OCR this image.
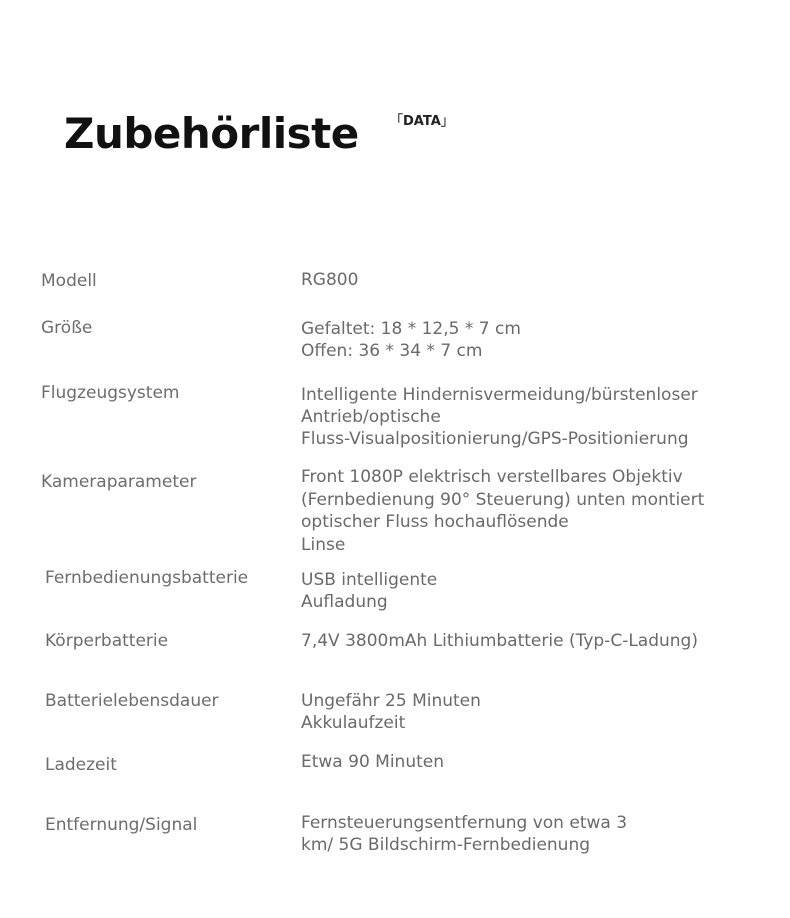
Zubehörliste 「DATA」
Modell	RG800
Größe	Gefaltet: 18 * 12,5 * 7 cm
Offen: 36 * 34 * 7 cm
Flugzeugsystem	Intelligente Hindernisvermeidung/bürstenloser
Antrieb/optische
Fluss-Visualpositionierung/GPS-Positionierung
Kameraparameter	Front 1080P elektrisch verstellbares Objektiv
(Fernbedienung 90° Steuerung) unten montiert
optischer Fluss hochauflösende
Linse
Fernbedienungsbatterie	USB intelligente
Aufladung
Körperbatterie	7,4V 3800mAh Lithiumbatterie (Typ-C-Ladung)
Batterielebensdauer	Ungefähr 25 Minuten
Akkulaufzeit
Ladezeit	Etwa 90 Minuten
Entfernung/Signal	Fernsteuerungsentfernung von etwa 3
km/ 5G Bildschirm-Fernbedienung
